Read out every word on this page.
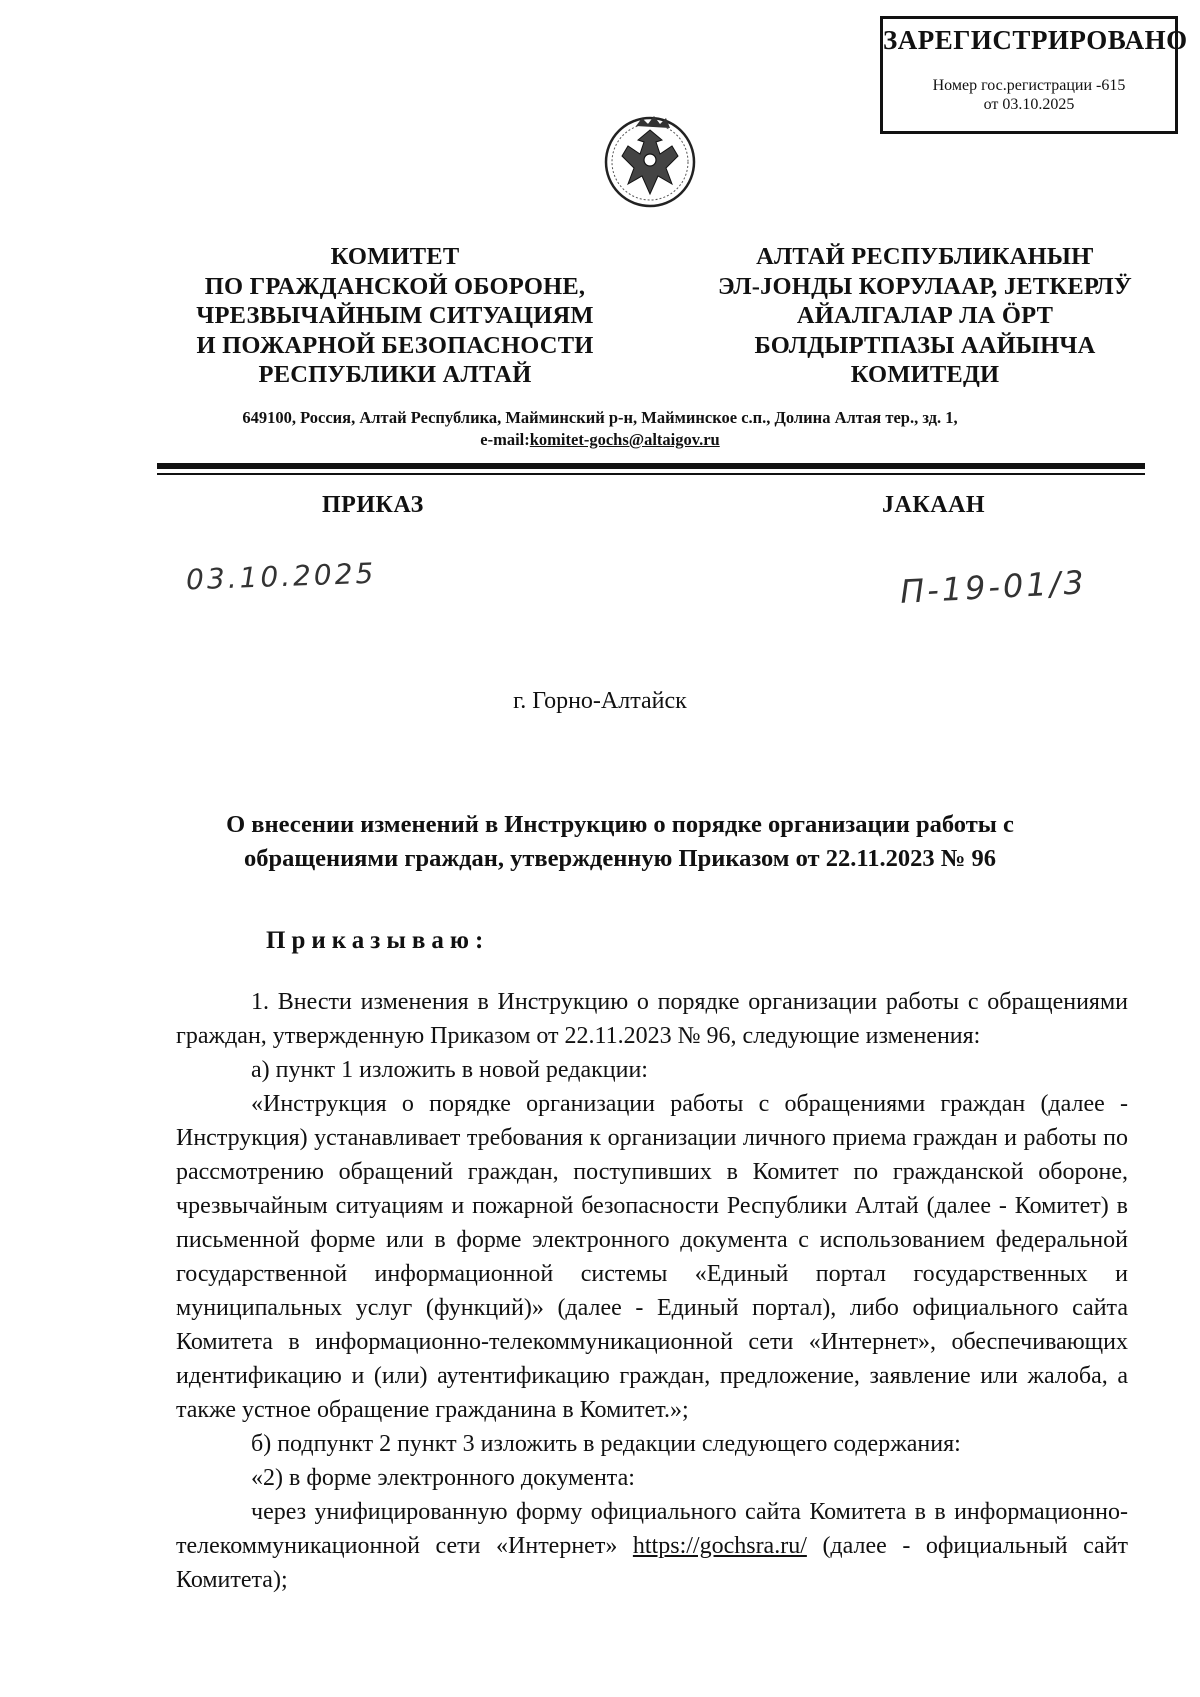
ЗАРЕГИСТРИРОВАНО
Номер гос.регистрации -615
от 03.10.2025
КОМИТЕТ
ПО ГРАЖДАНСКОЙ ОБОРОНЕ,
ЧРЕЗВЫЧАЙНЫМ СИТУАЦИЯМ
И ПОЖАРНОЙ БЕЗОПАСНОСТИ
РЕСПУБЛИКИ АЛТАЙ
АЛТАЙ РЕСПУБЛИКАНЫҤ
ЭЛ-JОНДЫ КОРУЛААР, JЕТКЕРЛӰ
АЙАЛГАЛАР ЛА ӦРТ
БОЛДЫРТПАЗЫ ААЙЫНЧА
КОМИТЕДИ
649100, Россия, Алтай Республика, Майминский р-н, Майминское с.п., Долина Алтая тер., зд. 1,
e-mail:komitet-gochs@altaigov.ru
ПРИКАЗ	JАКААН
03.10.2025	П-19-01/3
г. Горно-Алтайск
О внесении изменений в Инструкцию о порядке организации работы с
обращениями граждан, утвержденную Приказом от 22.11.2023 № 96
Приказываю:

1. Внести изменения в Инструкцию о порядке организации работы с обращениями граждан, утвержденную Приказом от 22.11.2023 № 96, следующие изменения:

а) пункт 1 изложить в новой редакции:

«Инструкция о порядке организации работы с обращениями граждан (далее - Инструкция) устанавливает требования к организации личного приема граждан и работы по рассмотрению обращений граждан, поступивших в Комитет по гражданской обороне, чрезвычайным ситуациям и пожарной безопасности Республики Алтай (далее - Комитет) в письменной форме или в форме электронного документа с использованием федеральной государственной информационной системы «Единый портал государственных и муниципальных услуг (функций)» (далее - Единый портал), либо официального сайта Комитета в информационно-телекоммуникационной сети «Интернет», обеспечивающих идентификацию и (или) аутентификацию граждан, предложение, заявление или жалоба, а также устное обращение гражданина в Комитет.»;

б) подпункт 2 пункт 3 изложить в редакции следующего содержания:

«2) в форме электронного документа:

через унифицированную форму официального сайта Комитета в в информационно-телекоммуникационной сети «Интернет» https://gochsra.ru/ (далее - официальный сайт Комитета);
